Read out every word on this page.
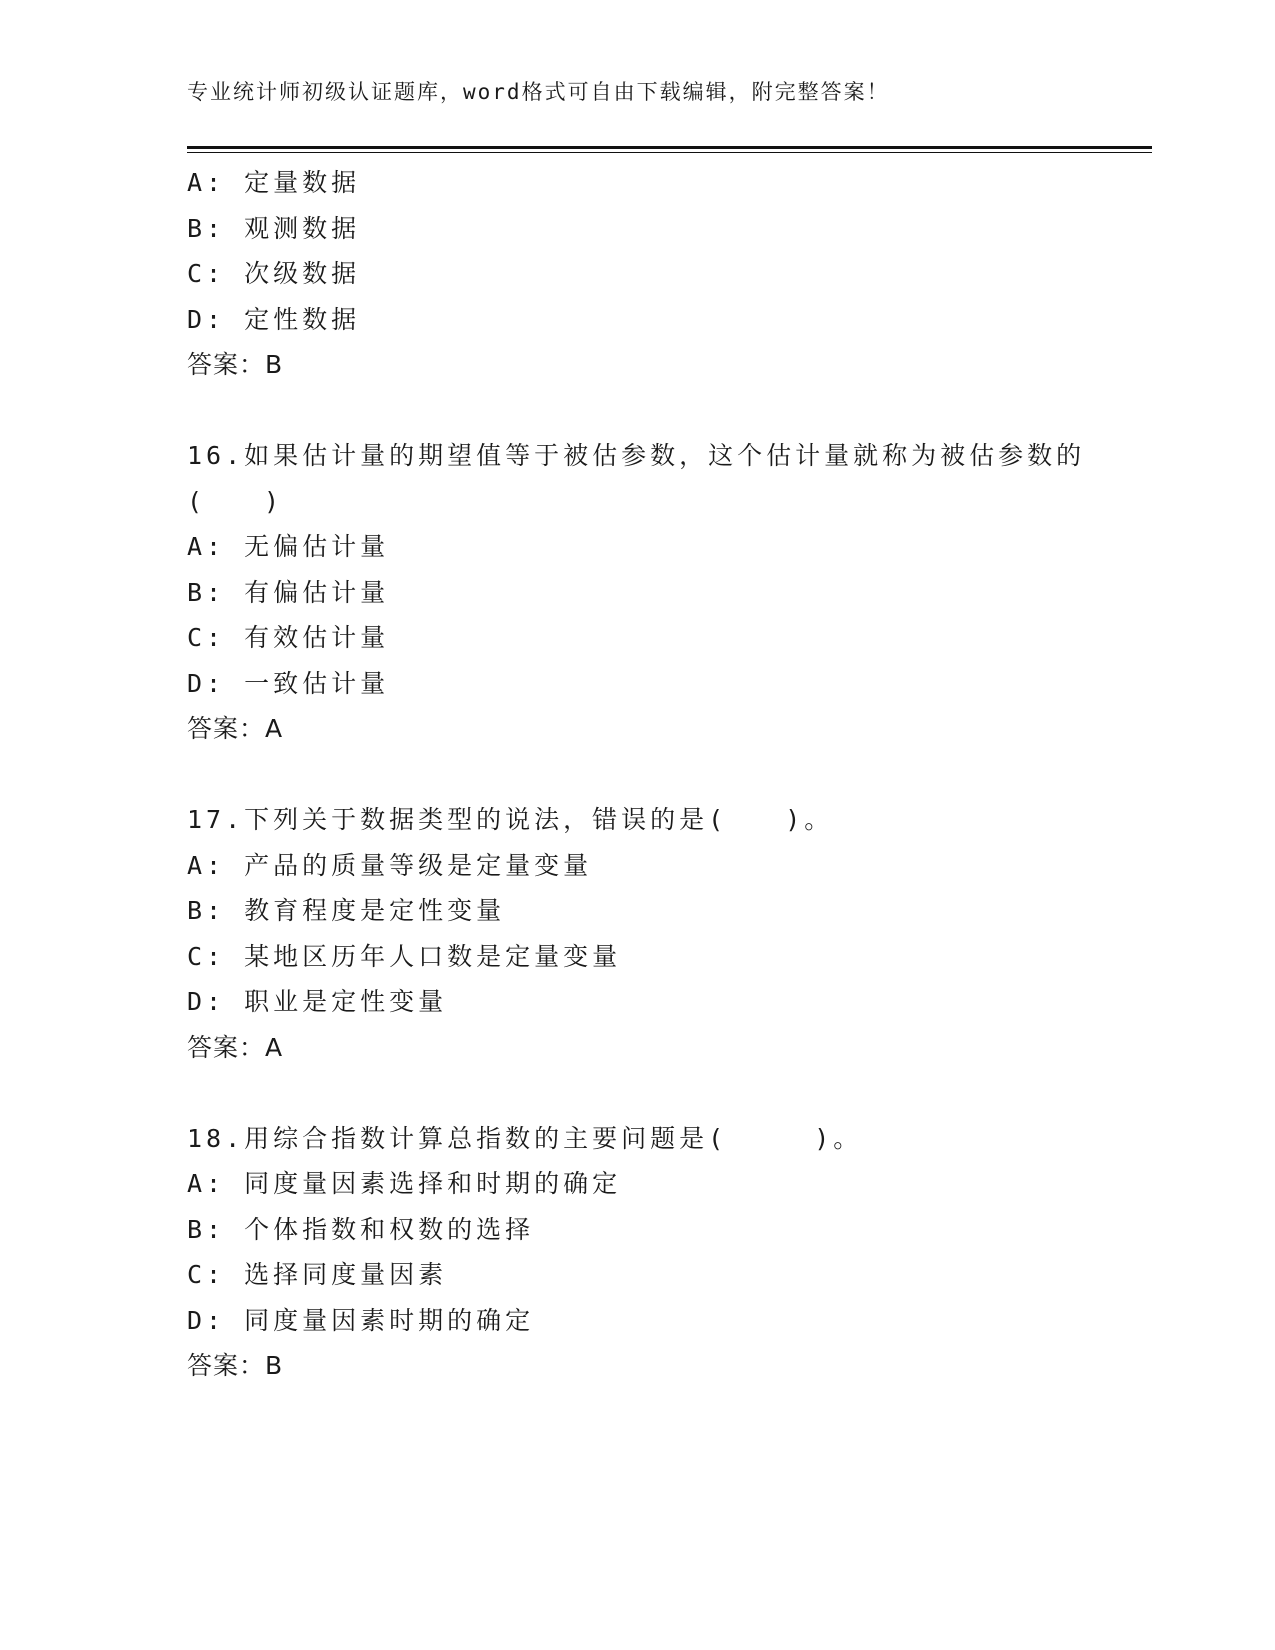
专业统计师初级认证题库，word格式可自由下载编辑，附完整答案！
A: 定量数据
B: 观测数据
C: 次级数据
D: 定性数据
答案：B
16.如果估计量的期望值等于被估参数，这个估计量就称为被估参数的
(　　)
A: 无偏估计量
B: 有偏估计量
C: 有效估计量
D: 一致估计量
答案：A
17.下列关于数据类型的说法，错误的是(　　)。
A: 产品的质量等级是定量变量
B: 教育程度是定性变量
C: 某地区历年人口数是定量变量
D: 职业是定性变量
答案：A
18.用综合指数计算总指数的主要问题是(　　　)。
A: 同度量因素选择和时期的确定
B: 个体指数和权数的选择
C: 选择同度量因素
D: 同度量因素时期的确定
答案：B
